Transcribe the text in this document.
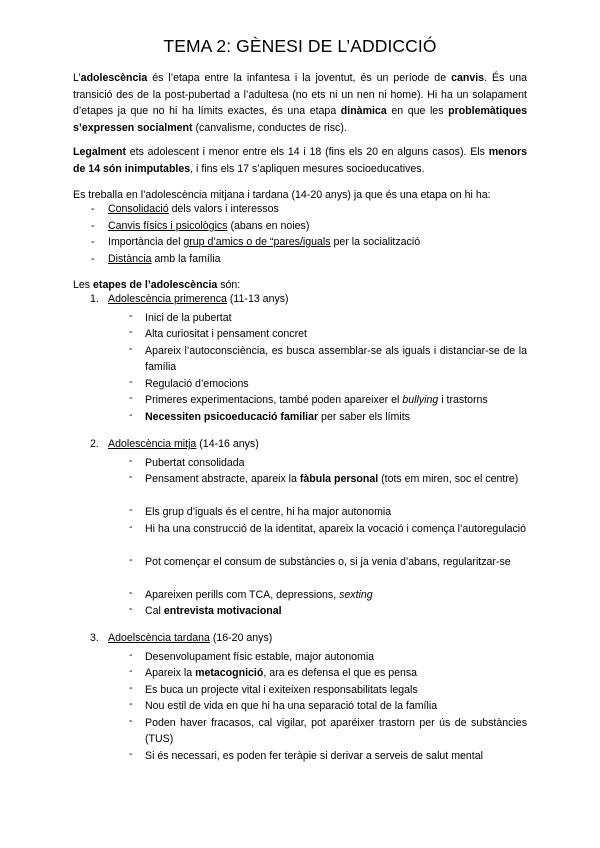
TEMA 2: GÈNESI DE L’ADDICCIÓ

L’adolescència és l’etapa entre la infantesa i la joventut, és un període de canvis. És una transició des de la post-pubertad a l’adultesa (no ets ni un nen ni home). Hi ha un solapament d’etapes ja que no hi ha límits exactes, és una etapa dinàmica en que les problemàtiques s’expressen socialment (canvalisme, conductes de risc).

Legalment ets adolescent i menor entre els 14 i 18 (fins els 20 en alguns casos). Els menors de 14 són inimputables, i fins els 17 s’apliquen mesures socioeducatives.

Es treballa en l’adolescència mitjana i tardana (14-20 anys) ja que és una etapa on hi ha:
- Consolidació dels valors i interessos
- Canvis físics i psicològics (abans en noies)
- Importància del grup d’amics o de “pares/iguals per la socialització
- Distància amb la família
Les etapes de l’adolescència són:
1. Adolescència primerenca (11-13 anys)
- Inici de la pubertat
- Alta curiositat i pensament concret
- Apareix l’autoconsciència, es busca assemblar-se als iguals i distanciar-se de la família
- Regulació d’emocions
- Primeres experimentacions, també poden apareixer el bullying i trastorns
- Necessiten psicoeducació familiar per saber els límits
2. Adolescència mitja (14-16 anys)
- Pubertat consolidada
- Pensament abstracte, apareix la fàbula personal (tots em miren, soc el centre)
- Els grup d’iguals és el centre, hi ha major autonomia
- Hi ha una construcció de la identitat, apareix la vocació i comença l’autoregulació
- Pot començar el consum de substàncies o, si ja venia d’abans, regularitzar-se
- Apareixen perills com TCA, depressions, sexting
- Cal entrevista motivacional
3. Adoelscència tardana (16-20 anys)
- Desenvolupament físic estable, major autonomia
- Apareix la metacognició, ara es defensa el que es pensa
- Es buca un projecte vital i exiteixen responsabilitats legals
- Nou estil de vida en que hi ha una separació total de la família
- Poden haver fracasos, cal vigilar, pot aparéixer trastorn per ús de substàncies (TUS)
- Si és necessari, es poden fer teràpie si derivar a serveis de salut mental
